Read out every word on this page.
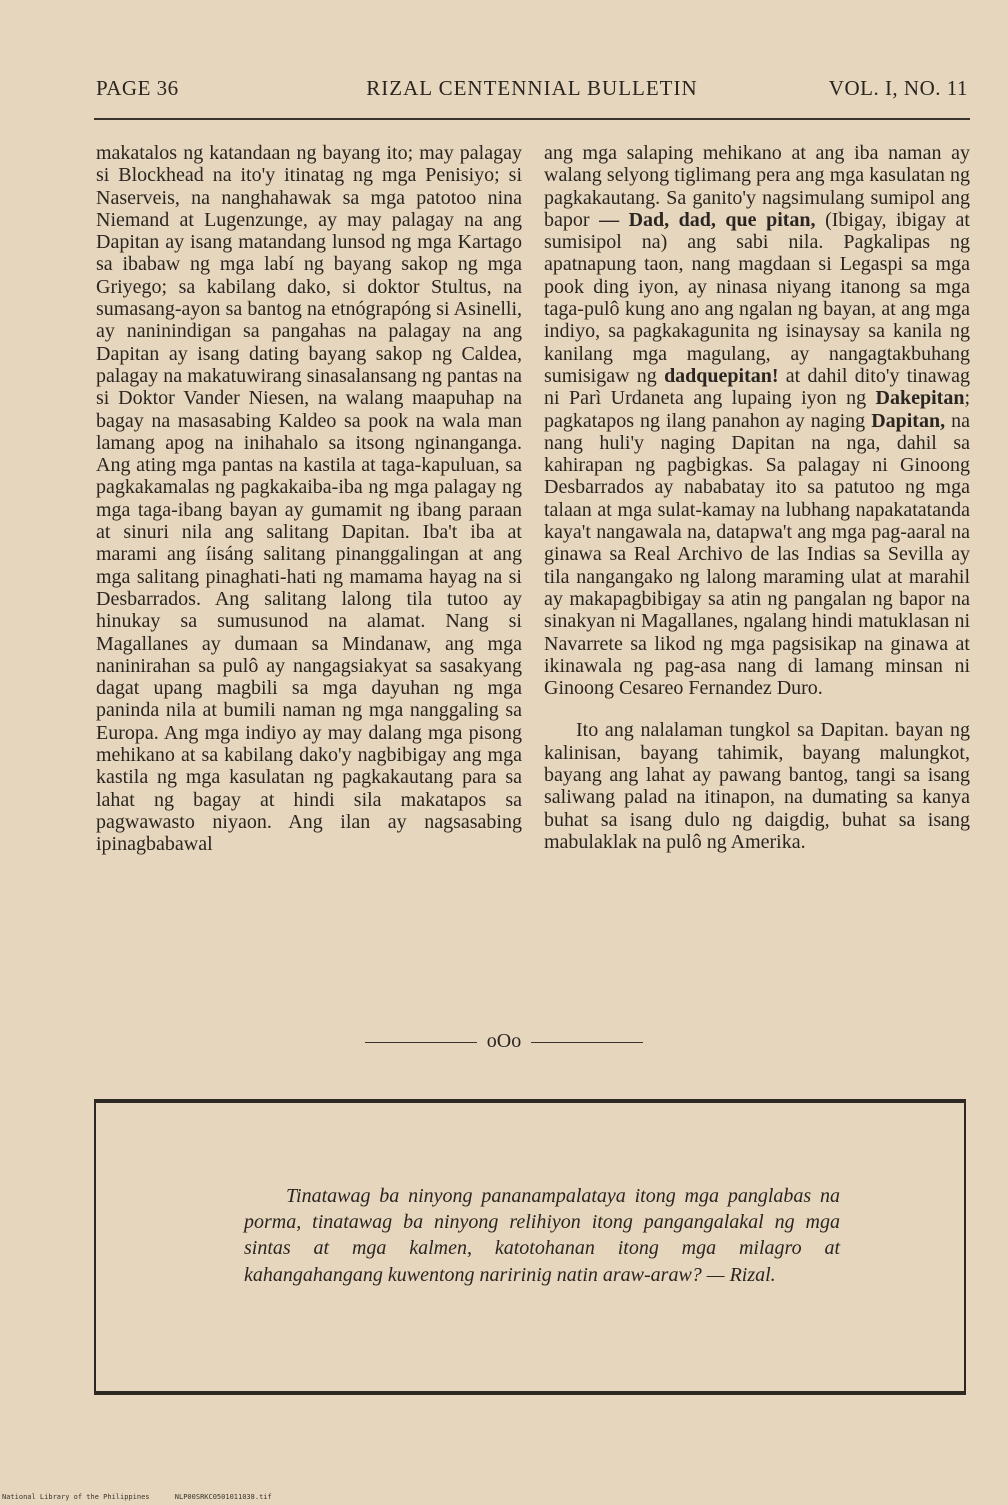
PAGE 36	RIZAL CENTENNIAL BULLETIN	VOL. I, NO. 11

makatalos ng katandaan ng bayang ito; may palagay si Blockhead na ito'y itinatag ng mga Penisiyo; si Naserveis, na nanghahawak sa mga patotoo nina Niemand at Lugenzunge, ay may palagay na ang Dapitan ay isang matandang lunsod ng mga Kartago sa ibabaw ng mga labí ng bayang sakop ng mga Griyego; sa kabilang dako, si doktor Stultus, na sumasang-ayon sa bantog na etnógrapóng si Asinelli, ay naninindigan sa pangahas na palagay na ang Dapitan ay isang dating bayang sakop ng Caldea, palagay na makatuwirang sinasalansang ng pantas na si Doktor Vander Niesen, na walang maapuhap na bagay na masasabing Kaldeo sa pook na wala man lamang apog na inihahalo sa itsong nginanganga. Ang ating mga pantas na kastila at taga-kapuluan, sa pagkakamalas ng pagkakaiba-iba ng mga palagay ng mga taga-ibang bayan ay gumamit ng ibang paraan at sinuri nila ang salitang Dapitan. Iba't iba at marami ang íisáng salitang pinanggalingan at ang mga salitang pinaghati-hati ng mamama hayag na si Desbarrados. Ang salitang lalong tila tutoo ay hinukay sa sumusunod na alamat. Nang si Magallanes ay dumaan sa Mindanaw, ang mga naninirahan sa pulô ay nangagsiakyat sa sasakyang dagat upang magbili sa mga dayuhan ng mga paninda nila at bumili naman ng mga nanggaling sa Europa. Ang mga indiyo ay may dalang mga pisong mehikano at sa kabilang dako'y nagbibigay ang mga kastila ng mga kasulatan ng pagkakautang para sa lahat ng bagay at hindi sila makatapos sa pagwawasto niyaon. Ang ilan ay nagsasabing ipinagbabawal

ang mga salaping mehikano at ang iba naman ay walang selyong tiglimang pera ang mga kasulatan ng pagkakautang. Sa ganito'y nagsimulang sumipol ang bapor — Dad, dad, que pitan, (Ibigay, ibigay at sumisipol na) ang sabi nila. Pagkalipas ng apatnapung taon, nang magdaan si Legaspi sa mga pook ding iyon, ay ninasa niyang itanong sa mga taga-pulô kung ano ang ngalan ng bayan, at ang mga indiyo, sa pagkakagunita ng isinaysay sa kanila ng kanilang mga magulang, ay nangagtakbuhang sumisigaw ng dadquepitan! at dahil dito'y tinawag ni Parì Urdaneta ang lupaing iyon ng Dakepitan; pagkatapos ng ilang panahon ay naging Dapitan, na nang huli'y naging Dapitan na nga, dahil sa kahirapan ng pagbigkas. Sa palagay ni Ginoong Desbarrados ay nababatay ito sa patutoo ng mga talaan at mga sulat-kamay na lubhang napakatatanda kaya't nangawala na, datapwa't ang mga pag-aaral na ginawa sa Real Archivo de las Indias sa Sevilla ay tila nangangako ng lalong maraming ulat at marahil ay makapagbibigay sa atin ng pangalan ng bapor na sinakyan ni Magallanes, ngalang hindi matuklasan ni Navarrete sa likod ng mga pagsisikap na ginawa at ikinawala ng pag-asa nang di lamang minsan ni Ginoong Cesareo Fernandez Duro.

Ito ang nalalaman tungkol sa Dapitan. bayan ng kalinisan, bayang tahimik, bayang malungkot, bayang ang lahat ay pawang bantog, tangi sa isang saliwang palad na itinapon, na dumating sa kanya buhat sa isang dulo ng daigdig, buhat sa isang mabulaklak na pulô ng Amerika.

oOo
Tinatawag ba ninyong pananampalataya itong mga panglabas na porma, tinatawag ba ninyong relihiyon itong pangangalakal ng mga sintas at mga kalmen, katotohanan itong mga milagro at kahangahangang kuwentong naririnig natin araw-araw? — Rizal.
National Library of the Philippines      NLP00SRKC0501011038.tif
